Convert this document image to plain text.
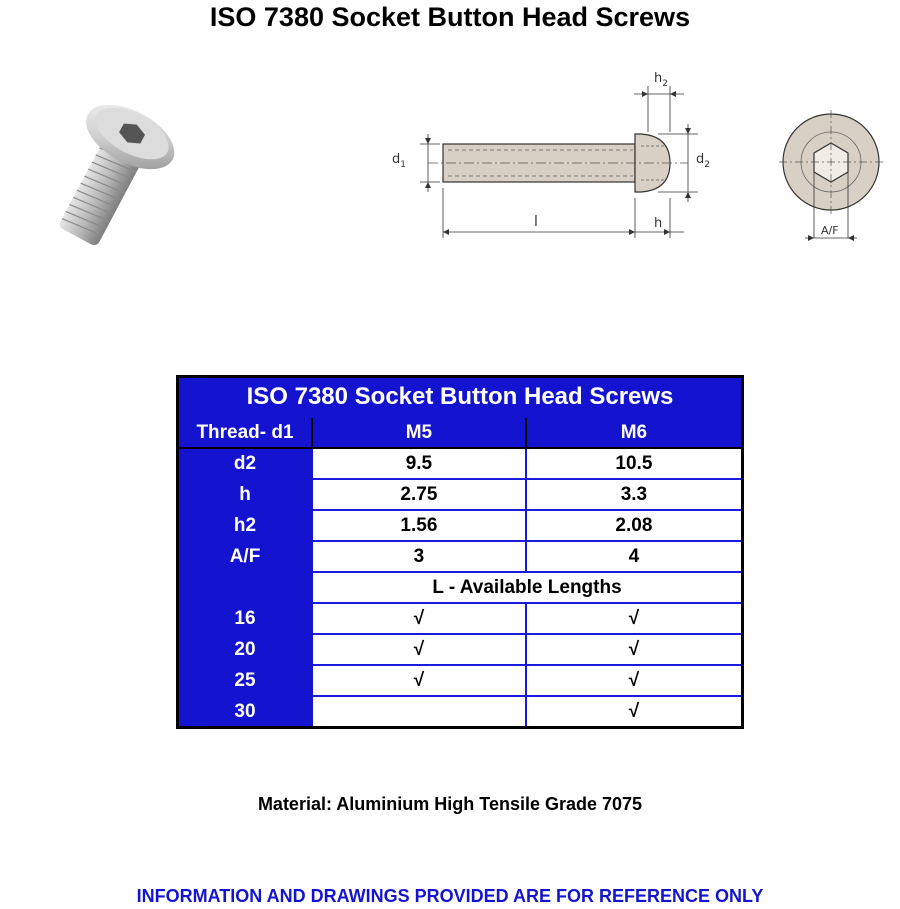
ISO 7380 Socket Button Head Screws
$h_2$
$d_1$	$d_2$
l	h	A/F
ISO 7380 Socket Button Head Screws		
Thread- d1	M5	M6
d2	9.5	10.5
h	2.75	3.3
h2	1.56	2.08
A/F	3	4
	L - Available Lengths	
16	√	√
20	√	√
25	√	√
30		√
Material: Aluminium High Tensile Grade 7075
INFORMATION AND DRAWINGS PROVIDED ARE FOR REFERENCE ONLY
